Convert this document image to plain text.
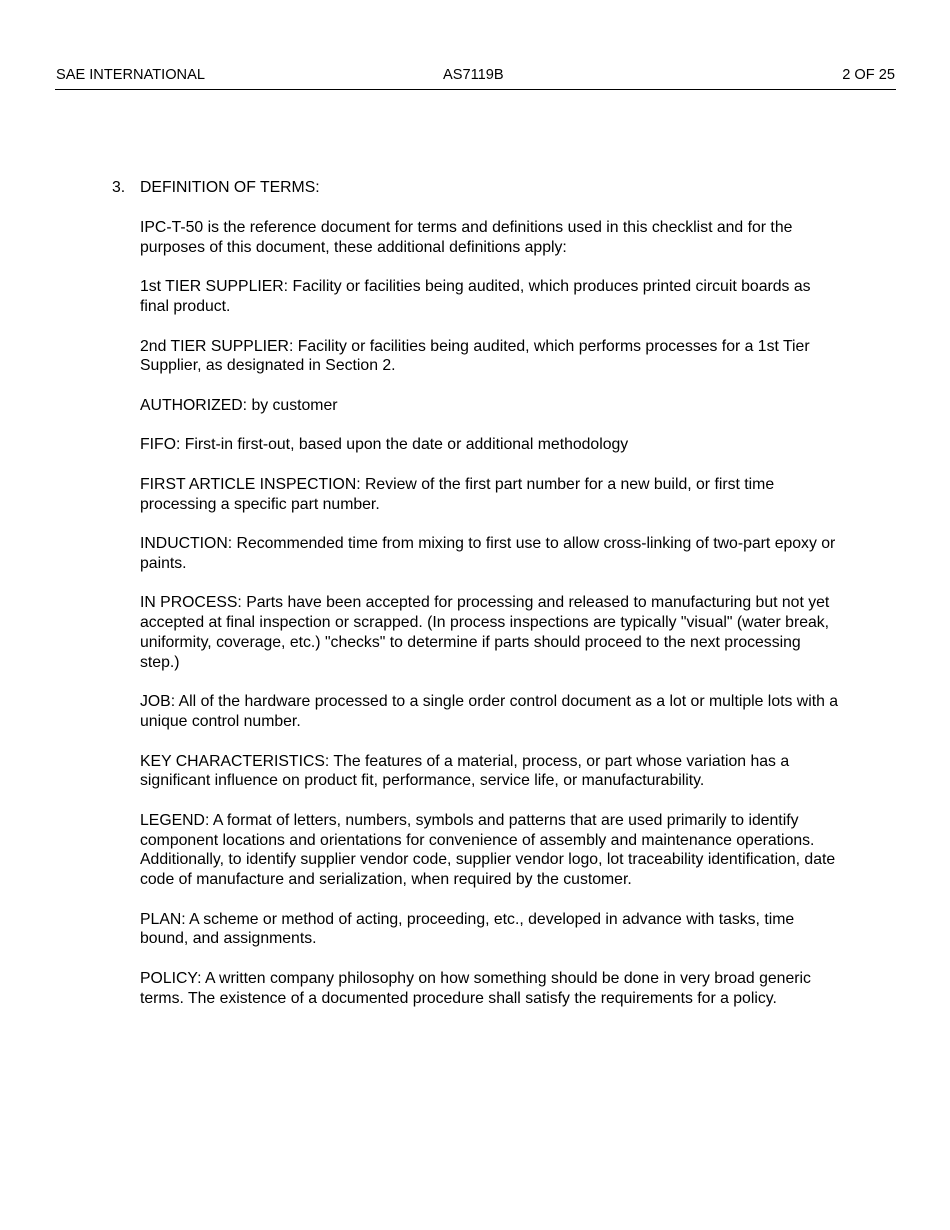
SAE INTERNATIONAL	AS7119B	2 OF 25
3. DEFINITION OF TERMS:

IPC-T-50 is the reference document for terms and definitions used in this checklist and for the purposes of this document, these additional definitions apply:

1st TIER SUPPLIER: Facility or facilities being audited, which produces printed circuit boards as final product.

2nd TIER SUPPLIER: Facility or facilities being audited, which performs processes for a 1st Tier Supplier, as designated in Section 2.

AUTHORIZED: by customer

FIFO: First-in first-out, based upon the date or additional methodology

FIRST ARTICLE INSPECTION: Review of the first part number for a new build, or first time processing a specific part number.

INDUCTION: Recommended time from mixing to first use to allow cross-linking of two-part epoxy or paints.

IN PROCESS: Parts have been accepted for processing and released to manufacturing but not yet accepted at final inspection or scrapped. (In process inspections are typically "visual" (water break, uniformity, coverage, etc.) "checks" to determine if parts should proceed to the next processing step.)

JOB: All of the hardware processed to a single order control document as a lot or multiple lots with a unique control number.

KEY CHARACTERISTICS: The features of a material, process, or part whose variation has a significant influence on product fit, performance, service life, or manufacturability.

LEGEND: A format of letters, numbers, symbols and patterns that are used primarily to identify component locations and orientations for convenience of assembly and maintenance operations. Additionally, to identify supplier vendor code, supplier vendor logo, lot traceability identification, date code of manufacture and serialization, when required by the customer.

PLAN: A scheme or method of acting, proceeding, etc., developed in advance with tasks, time bound, and assignments.

POLICY: A written company philosophy on how something should be done in very broad generic terms. The existence of a documented procedure shall satisfy the requirements for a policy.
